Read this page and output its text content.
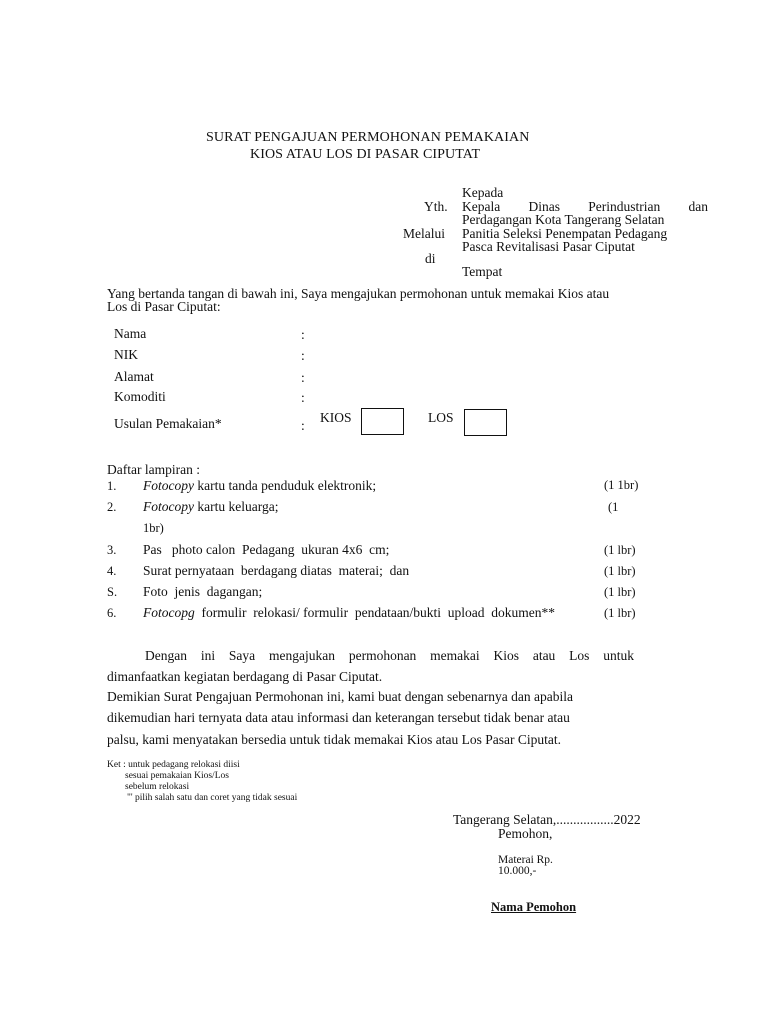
SURAT PENGAJUAN PERMOHONAN PEMAKAIAN
KIOS ATAU LOS DI PASAR CIPUTAT
Kepada
Yth. Kepala Dinas Perindustrian dan
Perdagangan Kota Tangerang Selatan
Melalui Panitia Seleksi Penempatan Pedagang
Pasca Revitalisasi Pasar Ciputat
di
Tempat
Yang bertanda tangan di bawah ini, Saya mengajukan permohonan untuk memakai Kios atau
Los di Pasar Ciputat:
Nama	:
NIK	:
Alamat	:
Komoditi	:
Usulan Pemakaian*	:
KIOS	LOS
Daftar lampiran :
1. Fotocopy kartu tanda penduduk elektronik;	(1 1br)
2. Fotocopy kartu keluarga;	(1
1br)
3. Pas   photo calon  Pedagang  ukuran 4x6  cm;	(1 lbr)
4. Surat pernyataan  berdagang diatas  materai;  dan	(1 lbr)
S. Foto  jenis  dagangan;	(1 lbr)
6. Fotocopg formulir  relokasi/ formulir  pendataan/bukti  upload  dokumen**	(1 lbr)
Dengan ini Saya mengajukan permohonan memakai Kios atau Los untuk
dimanfaatkan kegiatan berdagang di Pasar Ciputat.
Demikian Surat Pengajuan Permohonan ini, kami buat dengan sebenarnya dan apabila
dikemudian hari ternyata data atau informasi dan keterangan tersebut tidak benar atau
palsu, kami menyatakan bersedia untuk tidak memakai Kios atau Los Pasar Ciputat.
Ket : untuk pedagang relokasi diisi
sesuai pemakaian Kios/Los
sebelum relokasi
"' pilih salah satu dan coret yang tidak sesuai
Tangerang Selatan,.................2022
Pemohon,
Materai Rp.
10.000,-
Nama Pemohon
